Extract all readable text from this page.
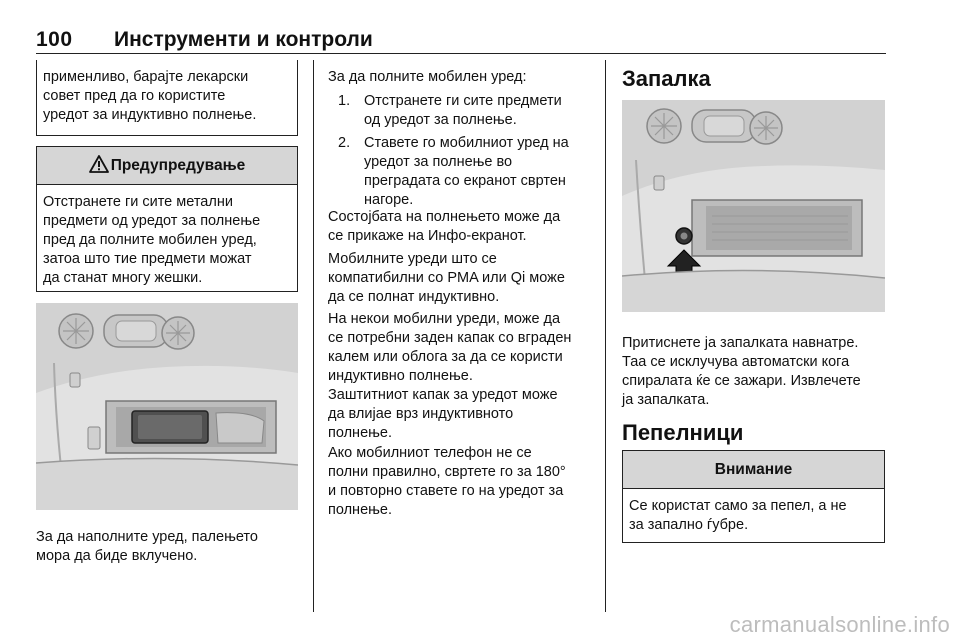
100 Инструменти и контроли
применливо, барајте лекарски
совет пред да го користите
уредот за индуктивно полнење.
Предупредување
Отстранете ги сите метални
предмети од уредот за полнење
пред да полните мобилен уред,
затоа што тие предмети можат
да станат многу жешки.
За да наполните уред, палењето
мора да биде вклучено.
За да полните мобилен уред:
1. Отстранете ги сите предмети
од уредот за полнење.
2. Ставете го мобилниот уред на
уредот за полнење во
преградата со екранот свртен
нагоре.
Состојбата на полнењето може да
се прикаже на Инфо-екранот.
Мобилните уреди што се
компатибилни со PMA или Qi може
да се полнат индуктивно.
На некои мобилни уреди, може да
се потребни заден капак со вграден
калем или облога за да се користи
индуктивно полнење.
Заштитниот капак за уредот може
да влијае врз индуктивното
полнење.
Ако мобилниот телефон не се
полни правилно, свртете го за 180°
и повторно ставете го на уредот за
полнење.
Запалка
Притиснете ја запалката навнатре.
Таа се исклучува автоматски кога
спиралата ќе се зажари. Извлечете
ја запалката.
Пепелници
Внимание
Се користат само за пепел, а не
за запално ѓубре.
carmanualsonline.info
